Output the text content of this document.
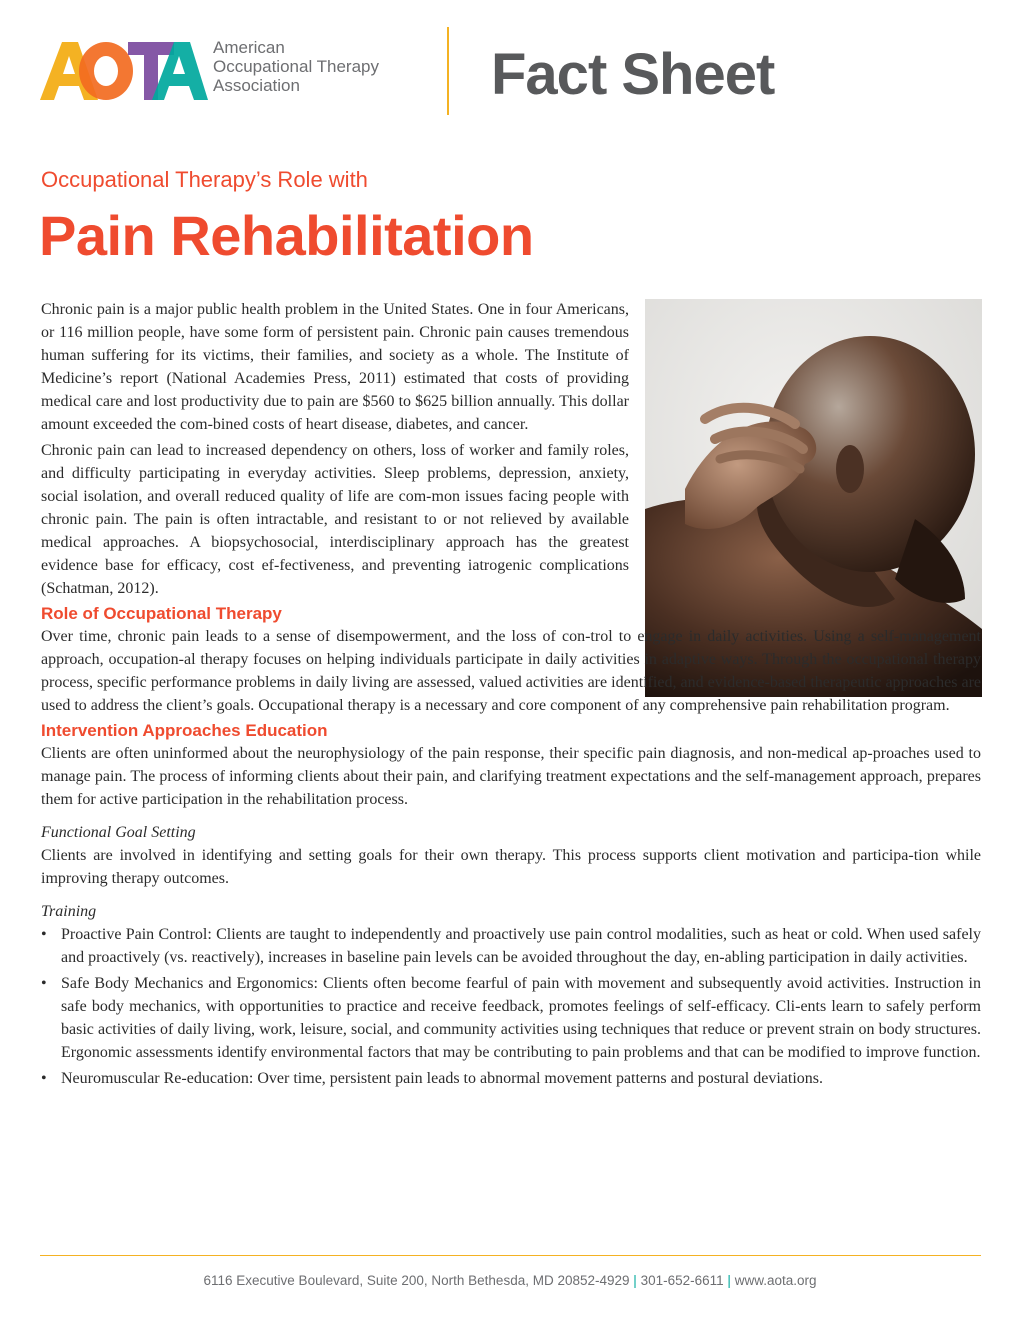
American
Occupational Therapy
Association	Fact Sheet
Occupational Therapy’s Role with
Pain Rehabilitation

Chronic pain is a major public health problem in the United States. One in four Americans, or 116 million people, have some form of persistent pain. Chronic pain causes tremendous human suffering for its victims, their families, and society as a whole. The Institute of Medicine’s report (National Academies Press, 2011) estimated that costs of providing medical care and lost productivity due to pain are $560 to $625 billion annually. This dollar amount exceeded the com-bined costs of heart disease, diabetes, and cancer.

Chronic pain can lead to increased dependency on others, loss of worker and family roles, and difficulty participating in everyday activities. Sleep problems, depression, anxiety, social isolation, and overall reduced quality of life are com-mon issues facing people with chronic pain. The pain is often intractable, and resistant to or not relieved by available medical approaches. A biopsychosocial, interdisciplinary approach has the greatest evidence base for efficacy, cost ef-fectiveness, and preventing iatrogenic complications (Schatman, 2012).

Role of Occupational Therapy

Over time, chronic pain leads to a sense of disempowerment, and the loss of con-trol to engage in daily activities. Using a self-management approach, occupation-al therapy focuses on helping individuals participate in daily activities in adaptive ways. Through the occupational therapy process, specific performance problems in daily living are assessed, valued activities are identified, and evidence-based therapeutic approaches are used to address the client’s goals. Occupational therapy is a necessary and core component of any comprehensive pain rehabilitation program.

Intervention Approaches Education

Clients are often uninformed about the neurophysiology of the pain response, their specific pain diagnosis, and non-medical ap-proaches used to manage pain. The process of informing clients about their pain, and clarifying treatment expectations and the self-management approach, prepares them for active participation in the rehabilitation process.

Functional Goal Setting

Clients are involved in identifying and setting goals for their own therapy. This process supports client motivation and participa-tion while improving therapy outcomes.

Training
• Proactive Pain Control: Clients are taught to independently and proactively use pain control modalities, such as heat or cold. When used safely and proactively (vs. reactively), increases in baseline pain levels can be avoided throughout the day, en-abling participation in daily activities.
• Safe Body Mechanics and Ergonomics: Clients often become fearful of pain with movement and subsequently avoid activities. Instruction in safe body mechanics, with opportunities to practice and receive feedback, promotes feelings of self-efficacy. Cli-ents learn to safely perform basic activities of daily living, work, leisure, social, and community activities using techniques that reduce or prevent strain on body structures. Ergonomic assessments identify environmental factors that may be contributing to pain problems and that can be modified to improve function.
• Neuromuscular Re-education: Over time, persistent pain leads to abnormal movement patterns and postural deviations.
6116 Executive Boulevard, Suite 200, North Bethesda, MD 20852-4929 | 301-652-6611 | www.aota.org
